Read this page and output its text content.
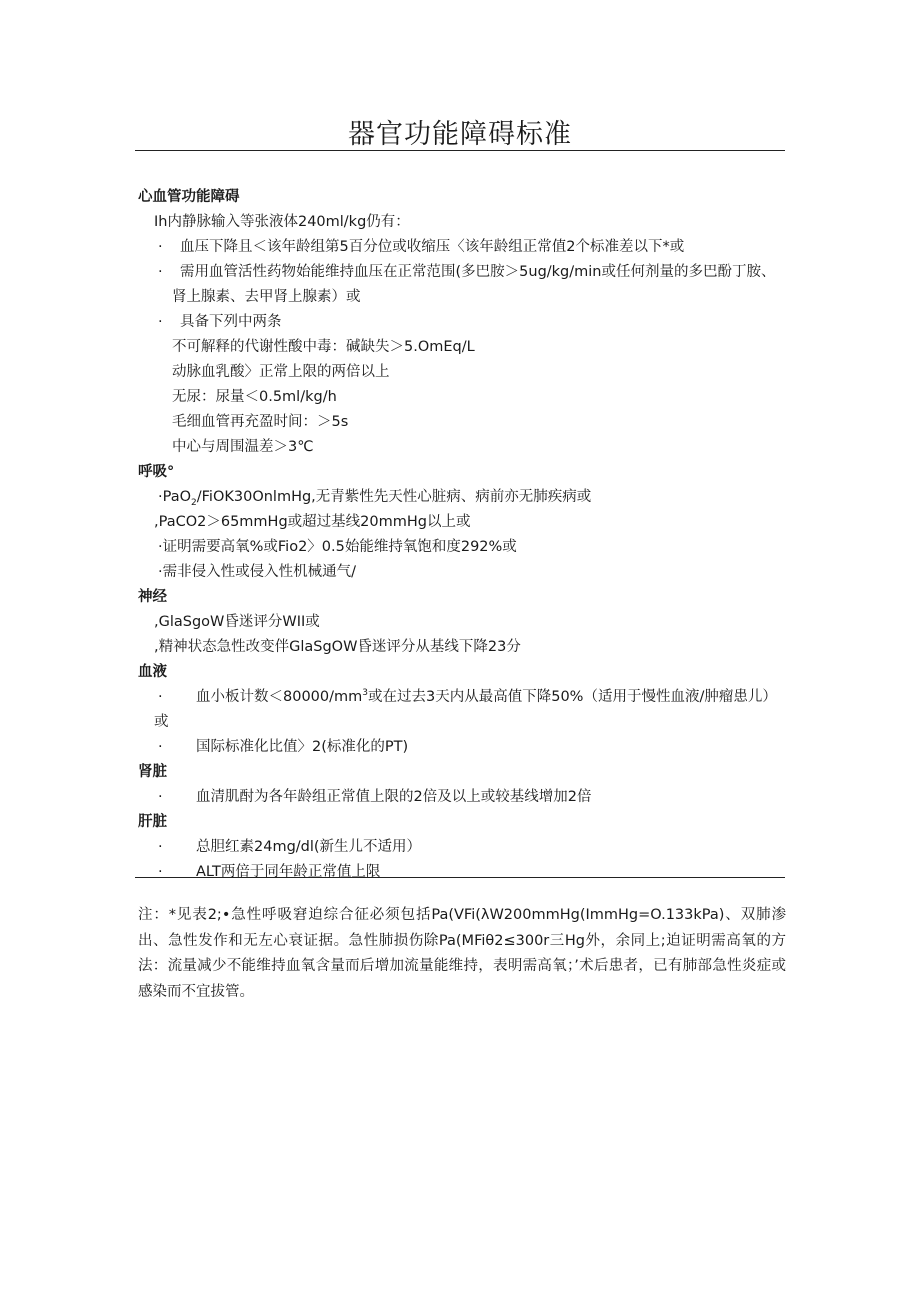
器官功能障碍标准
心血管功能障碍
Ih内静脉输入等张液体240ml∕kg仍有：
· 血压下降且＜该年龄组第5百分位或收缩压〈该年龄组正常值2个标准差以下*或
· 需用血管活性药物始能维持血压在正常范围(多巴胺＞5ug∕kg∕min或任何剂量的多巴酚丁胺、
肾上腺素、去甲肾上腺素）或
· 具备下列中两条
不可解释的代谢性酸中毒：碱缺失＞5.OmEq/L
动脉血乳酸〉正常上限的两倍以上
无尿：尿量＜0.5ml∕kg∕h
毛细血管再充盈时间：＞5s
中心与周围温差＞3℃
呼吸°
·PaO$_2$/FiOK30OnlmHg,无青紫性先天性心脏病、病前亦无肺疾病或
,PaCO2＞65mmHg或超过基线20mmHg以上或
·证明需要高氧%或Fio2〉0.5始能维持氧饱和度292%或
·需非侵入性或侵入性机械通气∕
神经
,GlaSgoW昏迷评分WII或
,精神状态急性改变伴GlaSgOW昏迷评分从基线下降23分
血液
· 血小板计数$<80000/mm^3$或在过去3天内从最高值下降50%（适用于慢性血液/肿瘤患儿）
或
· 国际标准化比值〉2(标准化的PT)
肾脏
· 血清肌酎为各年龄组正常值上限的2倍及以上或较基线增加2倍
肝脏
· 总胆红素24mg∕dl(新生儿不适用）
· ALT两倍于同年龄正常值上限
注：*见表2;•急性呼吸窘迫综合征必须包括Pa(VFi(λW200mmHg(ImmHg=O.133kPa)、双肺渗出、急性发作和无左心衰证据。急性肺损伤除Pa(MFiθ2≤300r三Hg外，余同上;迫证明需高氧的方法：流量减少不能维持血氧含量而后增加流量能维持，表明需高氧；’术后患者，已有肺部急性炎症或感染而不宜拔管。
